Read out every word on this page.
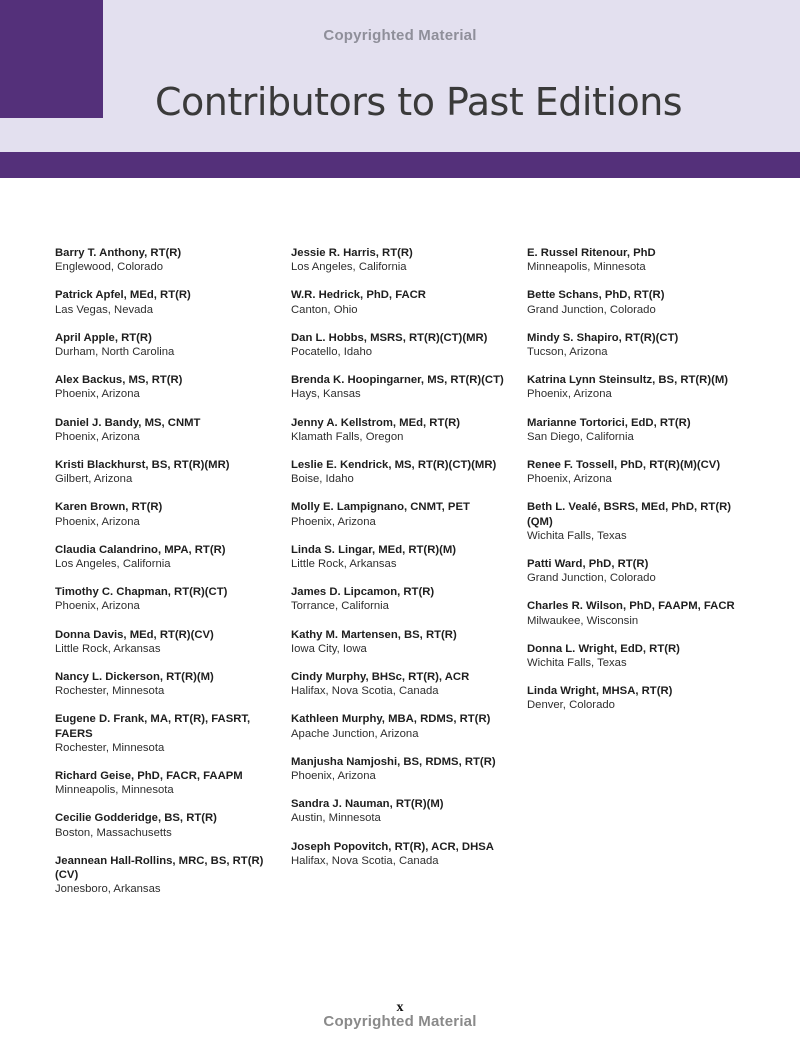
Copyrighted Material
Contributors to Past Editions
Barry T. Anthony, RT(R)
Englewood, Colorado
Patrick Apfel, MEd, RT(R)
Las Vegas, Nevada
April Apple, RT(R)
Durham, North Carolina
Alex Backus, MS, RT(R)
Phoenix, Arizona
Daniel J. Bandy, MS, CNMT
Phoenix, Arizona
Kristi Blackhurst, BS, RT(R)(MR)
Gilbert, Arizona
Karen Brown, RT(R)
Phoenix, Arizona
Claudia Calandrino, MPA, RT(R)
Los Angeles, California
Timothy C. Chapman, RT(R)(CT)
Phoenix, Arizona
Donna Davis, MEd, RT(R)(CV)
Little Rock, Arkansas
Nancy L. Dickerson, RT(R)(M)
Rochester, Minnesota
Eugene D. Frank, MA, RT(R), FASRT, FAERS
Rochester, Minnesota
Richard Geise, PhD, FACR, FAAPM
Minneapolis, Minnesota
Cecilie Godderidge, BS, RT(R)
Boston, Massachusetts
Jeannean Hall-Rollins, MRC, BS, RT(R)(CV)
Jonesboro, Arkansas
Jessie R. Harris, RT(R)
Los Angeles, California
W.R. Hedrick, PhD, FACR
Canton, Ohio
Dan L. Hobbs, MSRS, RT(R)(CT)(MR)
Pocatello, Idaho
Brenda K. Hoopingarner, MS, RT(R)(CT)
Hays, Kansas
Jenny A. Kellstrom, MEd, RT(R)
Klamath Falls, Oregon
Leslie E. Kendrick, MS, RT(R)(CT)(MR)
Boise, Idaho
Molly E. Lampignano, CNMT, PET
Phoenix, Arizona
Linda S. Lingar, MEd, RT(R)(M)
Little Rock, Arkansas
James D. Lipcamon, RT(R)
Torrance, California
Kathy M. Martensen, BS, RT(R)
Iowa City, Iowa
Cindy Murphy, BHSc, RT(R), ACR
Halifax, Nova Scotia, Canada
Kathleen Murphy, MBA, RDMS, RT(R)
Apache Junction, Arizona
Manjusha Namjoshi, BS, RDMS, RT(R)
Phoenix, Arizona
Sandra J. Nauman, RT(R)(M)
Austin, Minnesota
Joseph Popovitch, RT(R), ACR, DHSA
Halifax, Nova Scotia, Canada
E. Russel Ritenour, PhD
Minneapolis, Minnesota
Bette Schans, PhD, RT(R)
Grand Junction, Colorado
Mindy S. Shapiro, RT(R)(CT)
Tucson, Arizona
Katrina Lynn Steinsultz, BS, RT(R)(M)
Phoenix, Arizona
Marianne Tortorici, EdD, RT(R)
San Diego, California
Renee F. Tossell, PhD, RT(R)(M)(CV)
Phoenix, Arizona
Beth L. Vealé, BSRS, MEd, PhD, RT(R)(QM)
Wichita Falls, Texas
Patti Ward, PhD, RT(R)
Grand Junction, Colorado
Charles R. Wilson, PhD, FAAPM, FACR
Milwaukee, Wisconsin
Donna L. Wright, EdD, RT(R)
Wichita Falls, Texas
Linda Wright, MHSA, RT(R)
Denver, Colorado
x
Copyrighted Material
